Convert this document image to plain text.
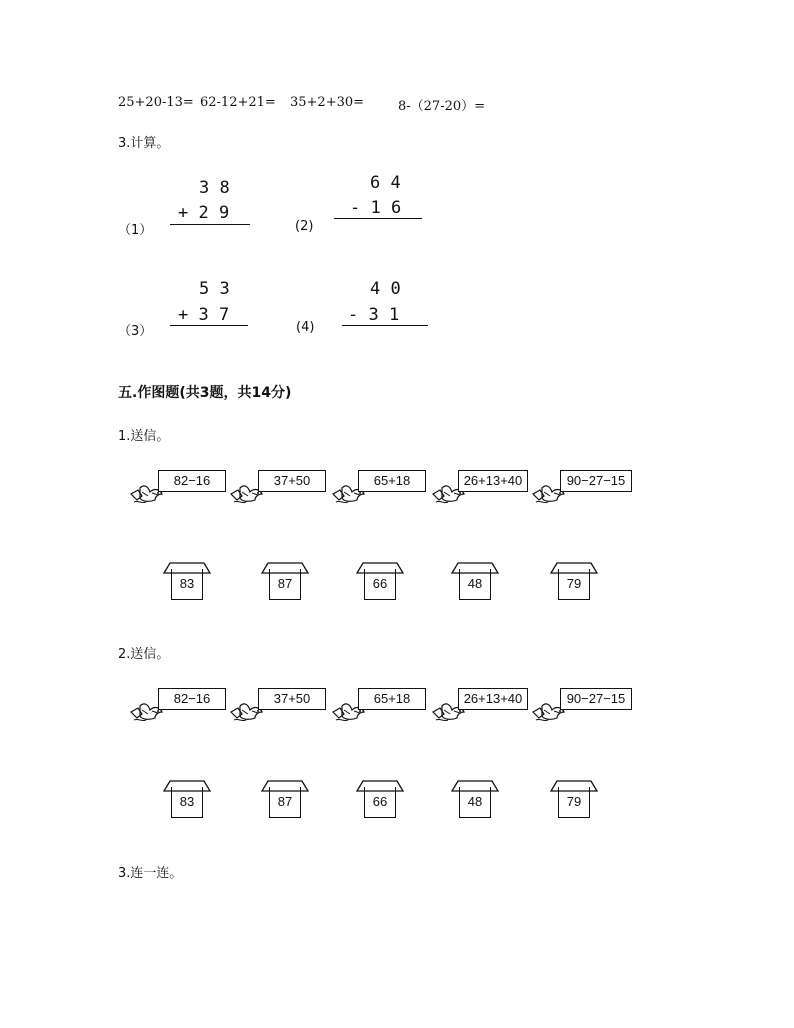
25+20-13= 62-12+21= 35+2+30=	8-（27-20）=
3.计算。
（1）
3 8
+ 2 9
(2)
6 4
- 1 6
（3）
5 3
+ 3 7
(4)
4 0
- 3 1
五.作图题(共3题，共14分)
1.送信。
82−16	37+50	65+18	26+13+40	90−27−15
83	87	66	48	79
2.送信。
82−16	37+50	65+18	26+13+40	90−27−15
83	87	66	48	79
3.连一连。
